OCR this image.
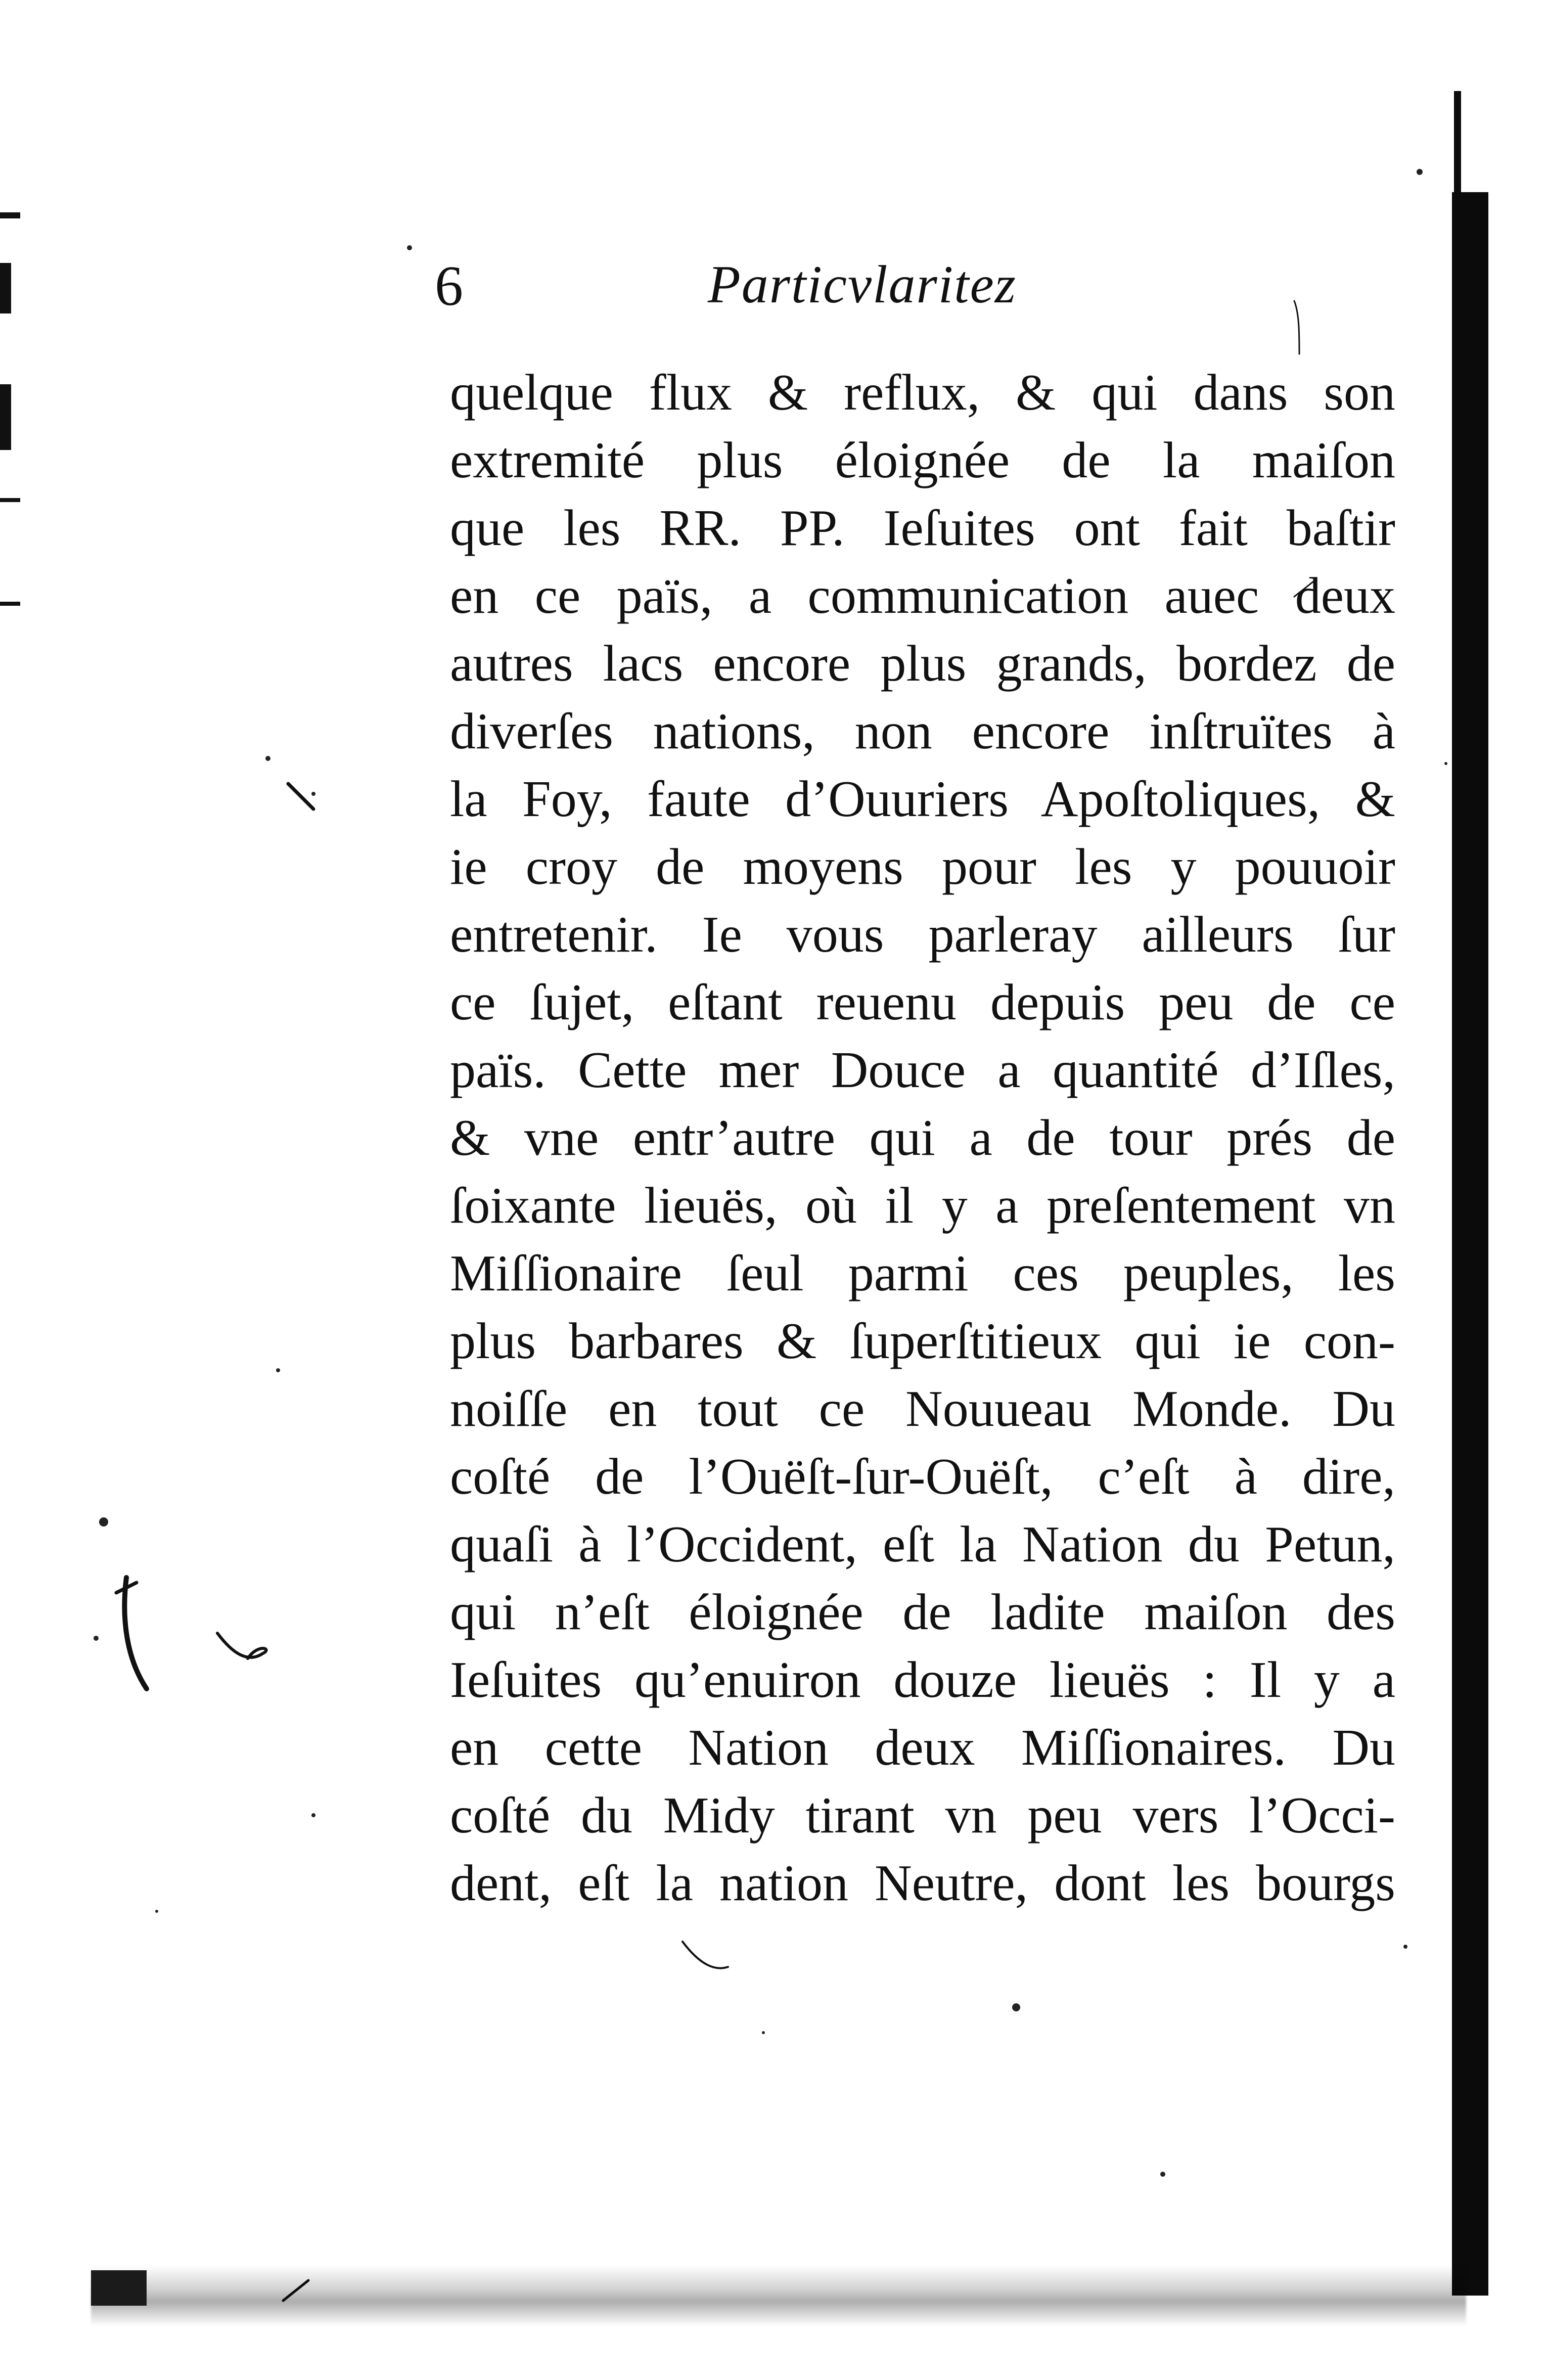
6	Particvlaritez
quelque flux & reflux, & qui dans son
extremité plus éloignée de la maiſon
que les RR. PP. Ieſuites ont fait baſtir
en ce païs, a communication auec deux
autres lacs encore plus grands, bordez de
diverſes nations, non encore inſtruïtes à
la Foy, faute d’Ouuriers Apoſtoliques, &
ie croy de moyens pour les y pouuoir
entretenir. Ie vous parleray ailleurs ſur
ce ſujet, eſtant reuenu depuis peu de ce
païs. Cette mer Douce a quantité d’Iſles,
& vne entr’autre qui a de tour prés de
ſoixante lieuës, où il y a preſentement vn
Miſſionaire ſeul parmi ces peuples, les
plus barbares & ſuperſtitieux qui ie con-
noiſſe en tout ce Nouueau Monde. Du
coſté de l’Ouëſt-ſur-Ouëſt, c’eſt à dire,
quaſi à l’Occident, eſt la Nation du Petun,
qui n’eſt éloignée de ladite maiſon des
Ieſuites qu’enuiron douze lieuës : Il y a
en cette Nation deux Miſſionaires. Du
coſté du Midy tirant vn peu vers l’Occi-
dent, eſt la nation Neutre, dont les bourgs
